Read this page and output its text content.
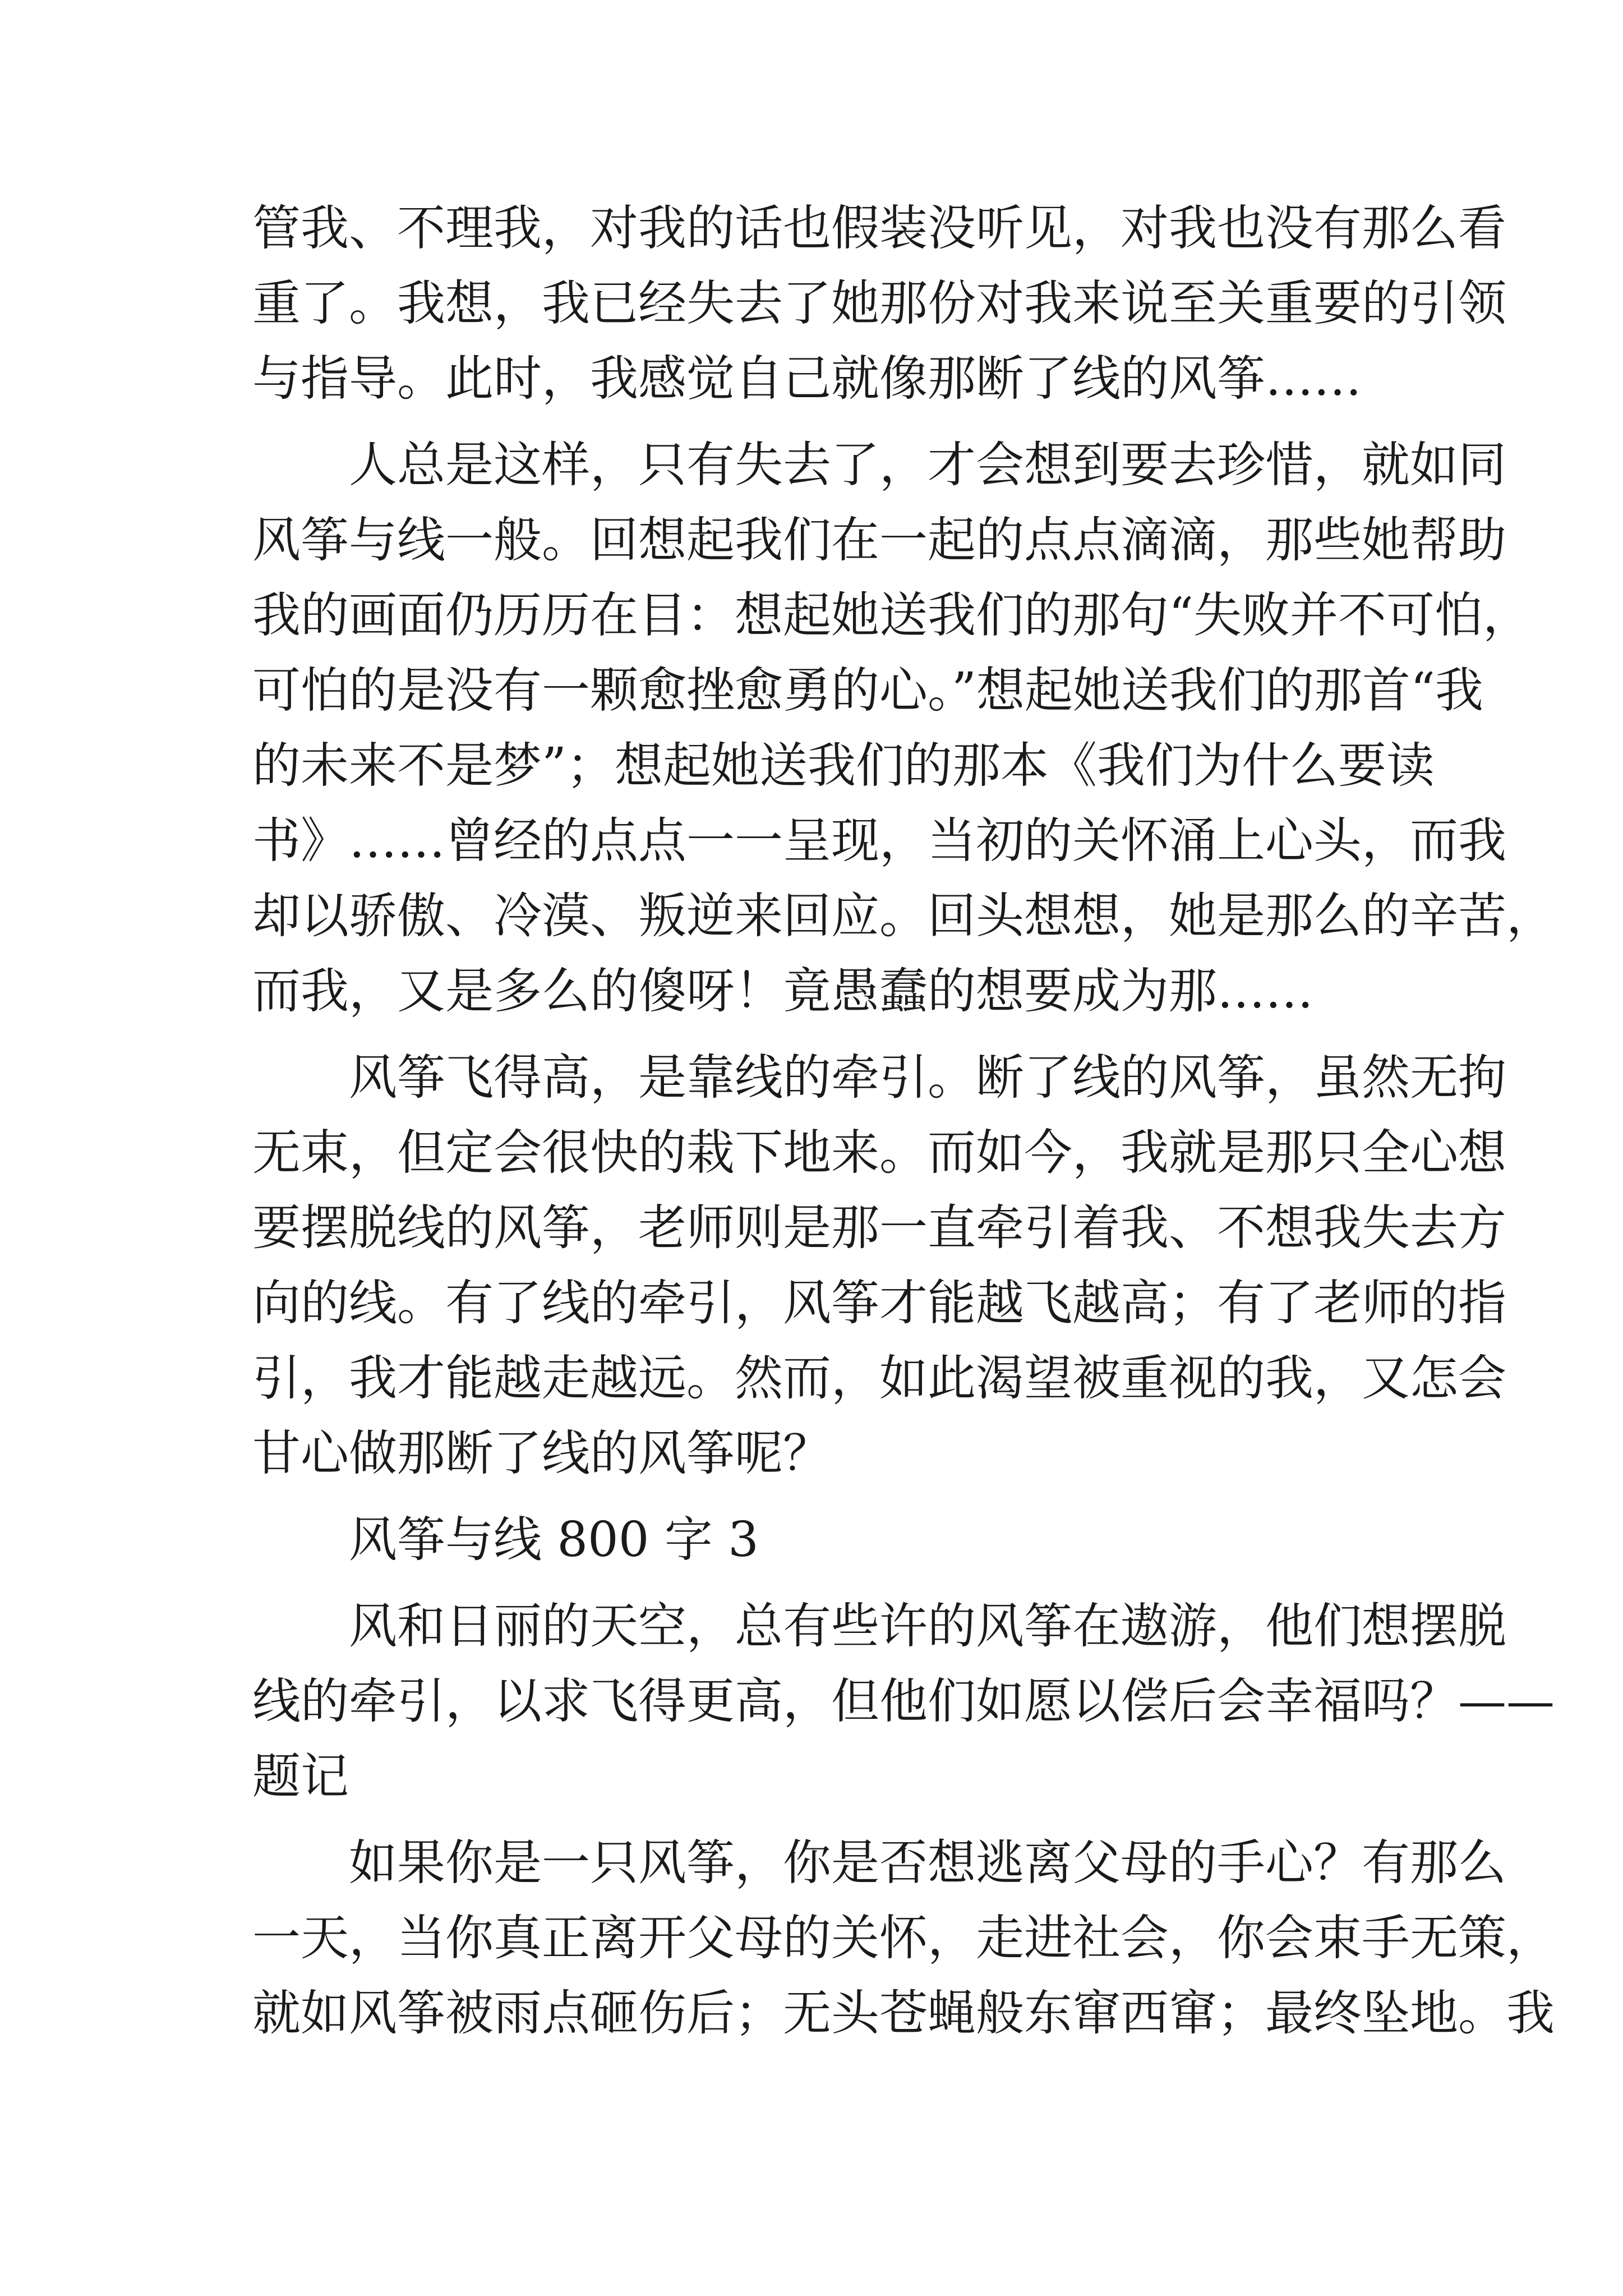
管我、不理我，对我的话也假装没听见，对我也没有那么看
重了。我想，我已经失去了她那份对我来说至关重要的引领
与指导。此时，我感觉自己就像那断了线的风筝……
人总是这样，只有失去了，才会想到要去珍惜，就如同
风筝与线一般。回想起我们在一起的点点滴滴，那些她帮助
我的画面仍历历在目：想起她送我们的那句“失败并不可怕，
可怕的是没有一颗愈挫愈勇的心。”想起她送我们的那首“我
的未来不是梦”；想起她送我们的那本《我们为什么要读
书》……曾经的点点一一呈现，当初的关怀涌上心头，而我
却以骄傲、冷漠、叛逆来回应。回头想想，她是那么的辛苦，
而我，又是多么的傻呀！竟愚蠢的想要成为那……
风筝飞得高，是靠线的牵引。断了线的风筝，虽然无拘
无束，但定会很快的栽下地来。而如今，我就是那只全心想
要摆脱线的风筝，老师则是那一直牵引着我、不想我失去方
向的线。有了线的牵引，风筝才能越飞越高；有了老师的指
引，我才能越走越远。然而，如此渴望被重视的我，又怎会
甘心做那断了线的风筝呢？
风筝与线 800 字 3
风和日丽的天空，总有些许的风筝在遨游，他们想摆脱
线的牵引，以求飞得更高，但他们如愿以偿后会幸福吗？——
题记
如果你是一只风筝，你是否想逃离父母的手心？有那么
一天，当你真正离开父母的关怀，走进社会，你会束手无策，
就如风筝被雨点砸伤后；无头苍蝇般东窜西窜；最终坠地。我
